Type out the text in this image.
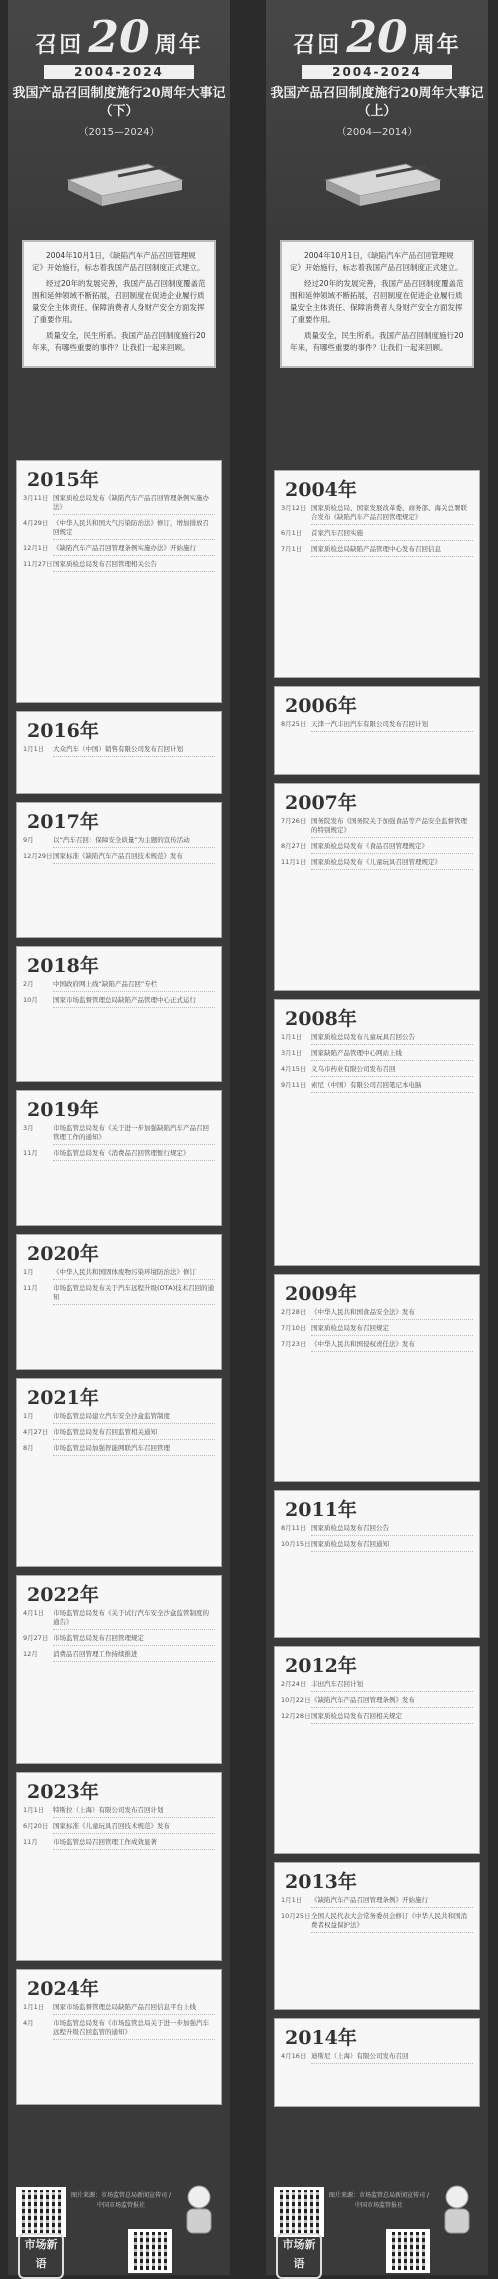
召回 20 周年
2004-2024
我国产品召回制度施行20周年大事记（下）
（2015—2024）

2004年10月1日，《缺陷汽车产品召回管理规定》开始施行，标志着我国产品召回制度正式建立。

经过20年的发展完善，我国产品召回制度覆盖范围和延伸领域不断拓展，召回制度在促进企业履行质量安全主体责任、保障消费者人身财产安全方面发挥了重要作用。

质量安全，民生所系。我国产品召回制度施行20年来，有哪些重要的事件？让我们一起来回顾。

2015年
3月11日 国家质检总局发布《缺陷汽车产品召回管理条例实施办法》
4月29日 《中华人民共和国大气污染防治法》修订，增加排放召回规定
12月1日 《缺陷汽车产品召回管理条例实施办法》开始施行
11月27日 国家质检总局发布召回管理相关公告
2016年
1月1日	大众汽车（中国）销售有限公司发布召回计划
2017年
9月	以“汽车召回：保障安全质量”为主题的宣传活动
12月29日 国家标准《缺陷汽车产品召回技术规范》发布
2018年
2月	中国政府网上线“缺陷产品召回”专栏
10月	国家市场监督管理总局缺陷产品管理中心正式运行
2019年
3月	市场监管总局发布《关于进一步加强缺陷汽车产品召回管理工作的通知》
11月	市场监管总局发布《消费品召回管理暂行规定》
2020年
1月	《中华人民共和国固体废物污染环境防治法》修订
11月	市场监管总局发布关于汽车远程升级(OTA)技术召回的通知
2021年
1月	市场监管总局建立汽车安全沙盒监管制度
4月27日 市场监管总局发布召回监管相关通知
8月	市场监管总局加强智能网联汽车召回管理
2022年
4月1日	市场监管总局发布《关于试行汽车安全沙盒监管制度的通告》
9月27日 市场监管总局发布召回管理规定
12月	消费品召回管理工作持续推进
2023年
1月1日	特斯拉（上海）有限公司发布召回计划
6月20日 国家标准《儿童玩具召回技术规范》发布
11月	市场监管总局召回管理工作成效显著
2024年
1月1日	国家市场监督管理总局缺陷产品召回信息平台上线
4月	市场监管总局发布《市场监管总局关于进一步加强汽车远程升级召回监管的通知》
图片来源：市场监管总局新闻宣传司 / 中国市场监管报社
市场新语
召回 20 周年
2004-2024
我国产品召回制度施行20周年大事记（上）
（2004—2014）

2004年10月1日，《缺陷汽车产品召回管理规定》开始施行，标志着我国产品召回制度正式建立。

经过20年的发展完善，我国产品召回制度覆盖范围和延伸领域不断拓展，召回制度在促进企业履行质量安全主体责任、保障消费者人身财产安全方面发挥了重要作用。

质量安全，民生所系。我国产品召回制度施行20年来，有哪些重要的事件？让我们一起来回顾。

2004年
3月12日 国家质检总局、国家发展改革委、商务部、海关总署联合发布《缺陷汽车产品召回管理规定》
6月1日	首家汽车召回实施
7月1日	国家质检总局缺陷产品管理中心发布召回信息
2006年
8月25日 天津一汽丰田汽车有限公司发布召回计划
2007年
7月26日 国务院发布《国务院关于加强食品等产品安全监督管理的特别规定》
8月27日 国家质检总局发布《食品召回管理规定》
11月1日 国家质检总局发布《儿童玩具召回管理规定》
2008年
1月1日	国家质检总局发布儿童玩具召回公告
3月1日	国家缺陷产品管理中心网站上线
4月15日 义乌市药业有限公司发布召回
9月11日 索尼（中国）有限公司召回笔记本电脑
2009年
2月28日 《中华人民共和国食品安全法》发布
7月10日 国家质检总局发布召回规定
7月23日 《中华人民共和国侵权责任法》发布
2011年
8月11日 国家质检总局发布召回公告
10月15日 国家质检总局发布召回通知
2012年
2月24日 丰田汽车召回计划
10月22日 《缺陷汽车产品召回管理条例》发布
12月28日 国家质检总局发布召回相关规定
2013年
1月1日	《缺陷汽车产品召回管理条例》开始施行
10月25日 全国人民代表大会常务委员会修订《中华人民共和国消费者权益保护法》
2014年
4月16日 迪斯尼（上海）有限公司发布召回
图片来源：市场监管总局新闻宣传司 / 中国市场监管报社
市场新语
